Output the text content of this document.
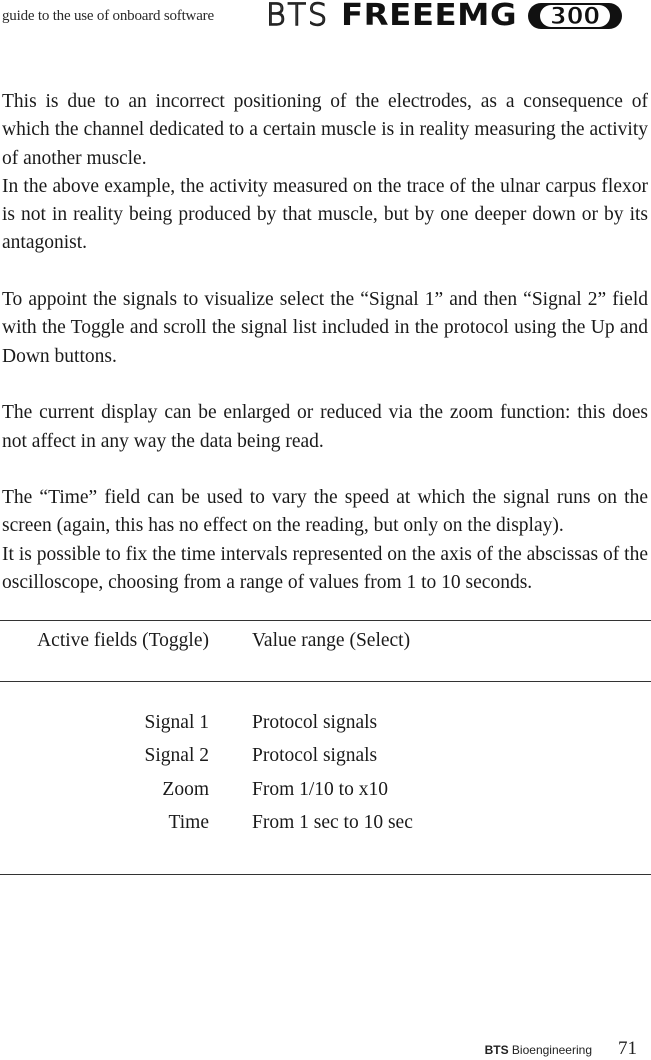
guide to the use of onboard software BTS FREEEMG	300

This is due to an incorrect positioning of the electrodes, as a consequence of which the channel dedicated to a certain muscle is in reality measuring the activity of another muscle.

In the above example, the activity measured on the trace of the ulnar carpus flexor is not in reality being produced by that muscle, but by one deeper down or by its antagonist.

To appoint the signals to visualize select the “Signal 1” and then “Signal 2” field with the Toggle and scroll the signal list included in the protocol using the Up and Down buttons.

The current display can be enlarged or reduced via the zoom function: this does not affect in any way the data being read.

The “Time” field can be used to vary the speed at which the signal runs on the screen (again, this has no effect on the reading, but only on the display).

It is possible to fix the time intervals represented on the axis of the abscissas of the oscilloscope, choosing from a range of values from 1 to 10 seconds.

Active fields (Toggle) Value range (Select)
Signal 1 Protocol signals
Signal 2 Protocol signals
Zoom From 1/10 to x10
Time From 1 sec to 10 sec
BTS Bioengineering 71
